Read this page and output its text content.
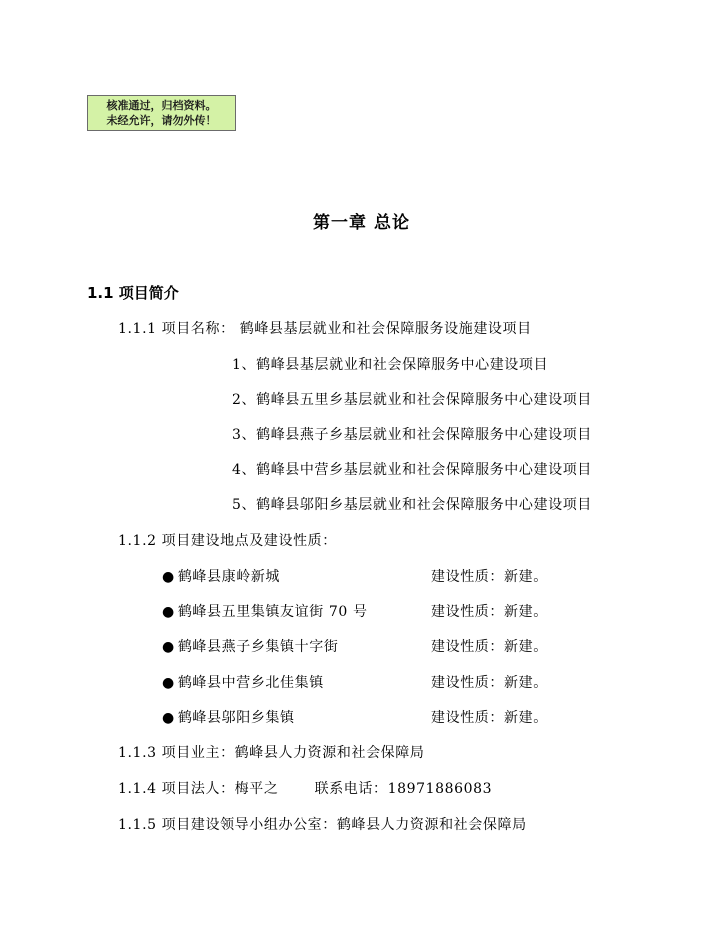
核准通过，归档资料。
未经允许，请勿外传！
第一章 总论
1.1 项目简介
1.1.1 项目名称： 鹤峰县基层就业和社会保障服务设施建设项目
1、鹤峰县基层就业和社会保障服务中心建设项目
2、鹤峰县五里乡基层就业和社会保障服务中心建设项目
3、鹤峰县燕子乡基层就业和社会保障服务中心建设项目
4、鹤峰县中营乡基层就业和社会保障服务中心建设项目
5、鹤峰县邬阳乡基层就业和社会保障服务中心建设项目
1.1.2 项目建设地点及建设性质：
● 鹤峰县康岭新城	建设性质：新建。
● 鹤峰县五里集镇友谊街 70 号	建设性质：新建。
● 鹤峰县燕子乡集镇十字街	建设性质：新建。
● 鹤峰县中营乡北佳集镇	建设性质：新建。
● 鹤峰县邬阳乡集镇	建设性质：新建。
1.1.3 项目业主：鹤峰县人力资源和社会保障局
1.1.4 项目法人：梅平之	联系电话：18971886083
1.1.5 项目建设领导小组办公室：鹤峰县人力资源和社会保障局
